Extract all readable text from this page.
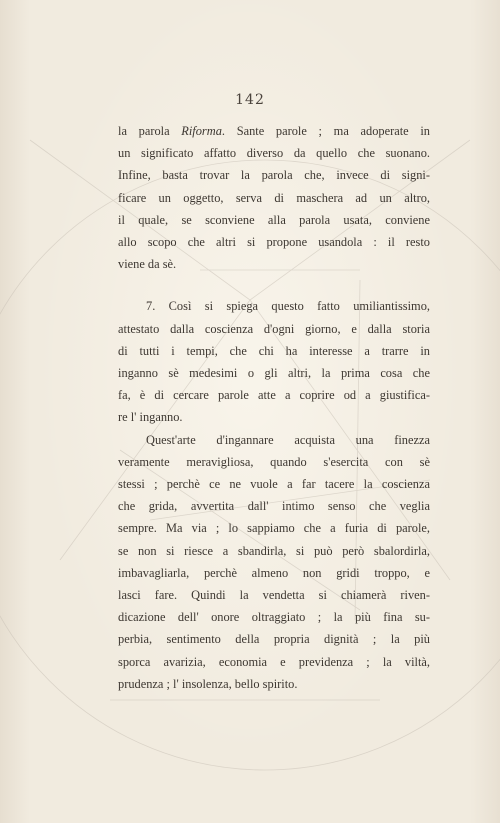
142
la parola Riforma. Sante parole ; ma adoperate in
un significato affatto diverso da quello che suonano.
Infine, basta trovar la parola che, invece di signi-
ficare un oggetto, serva di maschera ad un altro,
il quale, se sconviene alla parola usata, conviene
allo scopo che altri si propone usandola : il resto
viene da sè.
7. Così si spiega questo fatto umiliantissimo,
attestato dalla coscienza d'ogni giorno, e dalla storia
di tutti i tempi, che chi ha interesse a trarre in
inganno sè medesimi o gli altri, la prima cosa che
fa, è di cercare parole atte a coprire od a giustifica-
re l' inganno.
Quest'arte d'ingannare acquista una finezza
veramente meravigliosa, quando s'esercita con sè
stessi ; perchè ce ne vuole a far tacere la coscienza
che grida, avvertita dall' intimo senso che veglia
sempre. Ma via ; lo sappiamo che a furia di parole,
se non si riesce a sbandirla, si può però sbalordirla,
imbavagliarla, perchè almeno non gridi troppo, e
lasci fare. Quindi la vendetta si chiamerà riven-
dicazione dell' onore oltraggiato ; la più fina su-
perbia, sentimento della propria dignità ; la più
sporca avarizia, economia e previdenza ; la viltà,
prudenza ; l' insolenza, bello spirito.
